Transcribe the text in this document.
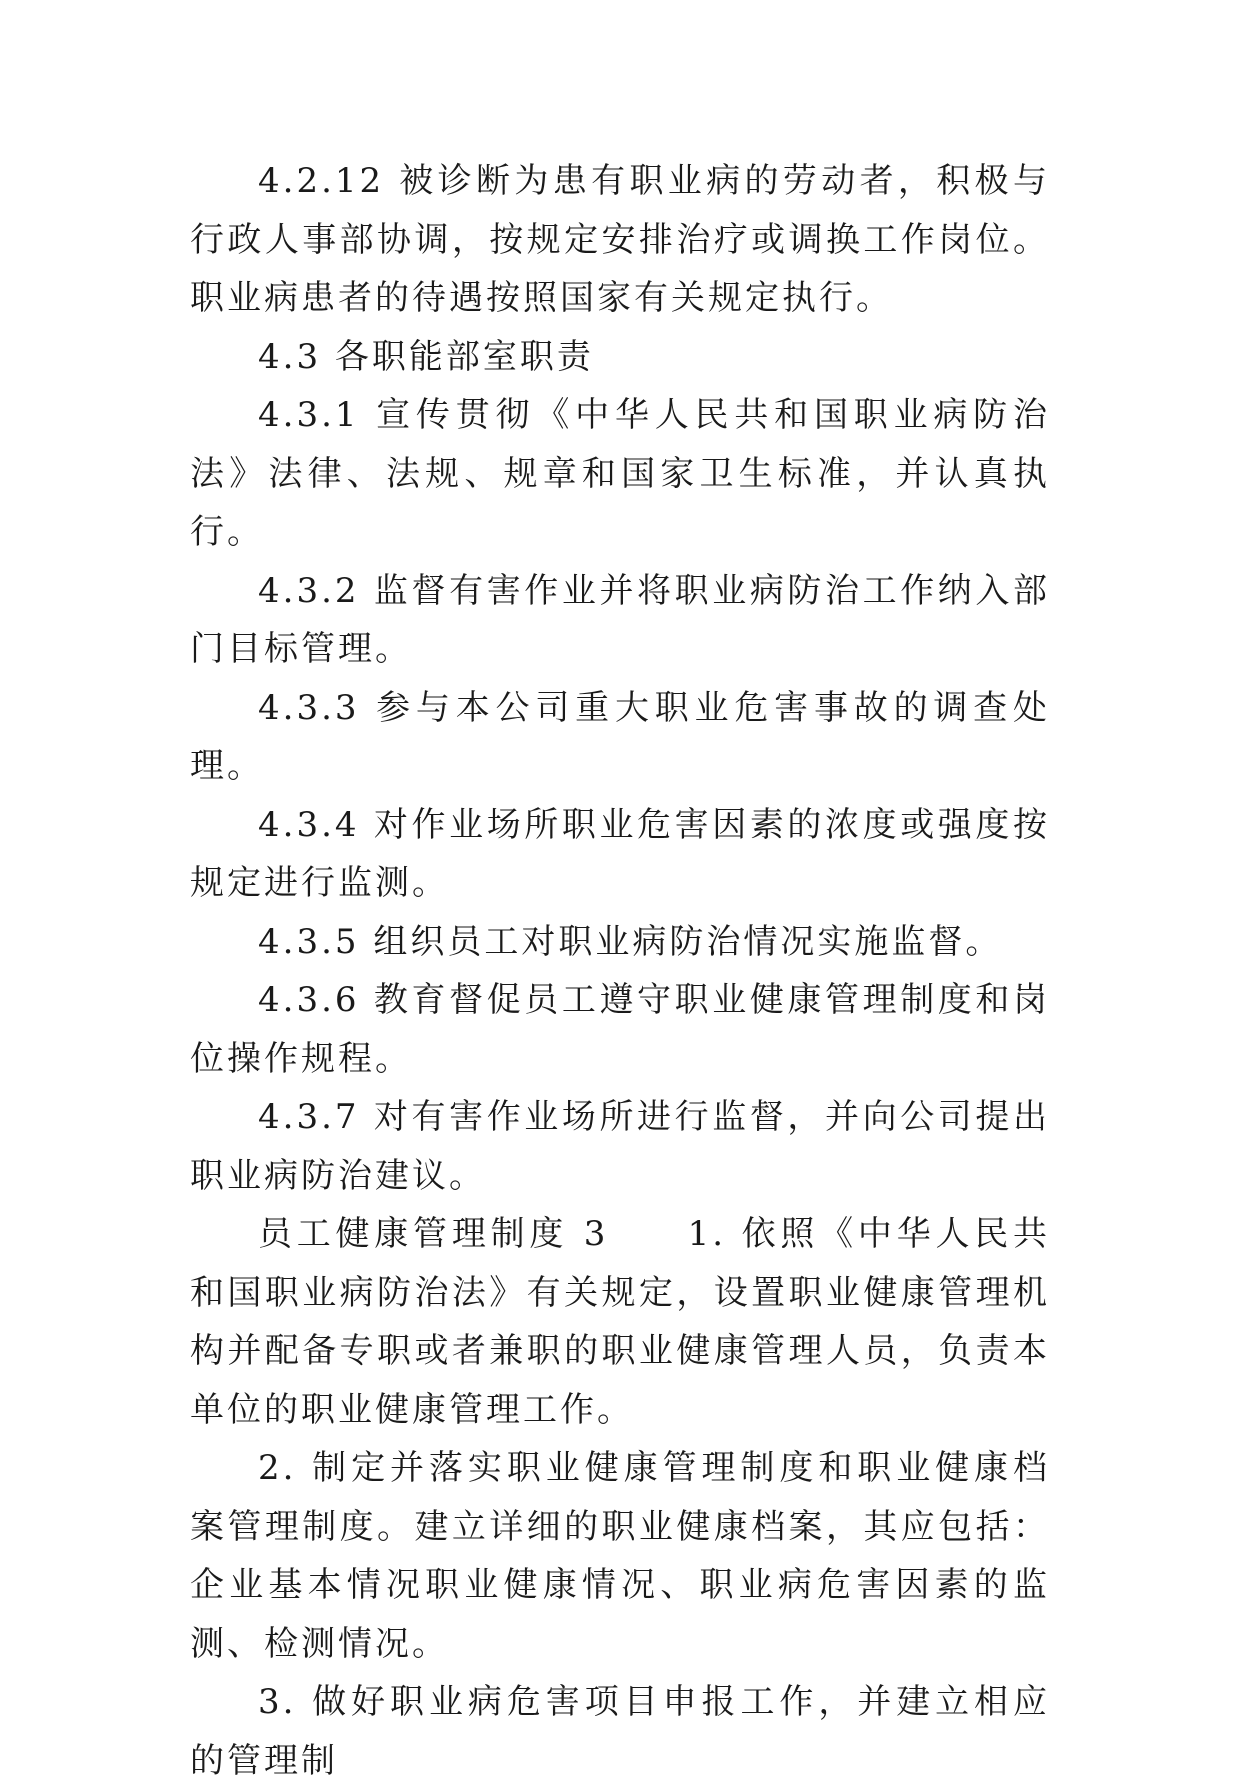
4.2.12 被诊断为患有职业病的劳动者，积极与行政人事部协调，按规定安排治疗或调换工作岗位。职业病患者的待遇按照国家有关规定执行。

4.3 各职能部室职责

4.3.1 宣传贯彻《中华人民共和国职业病防治法》法律、法规、规章和国家卫生标准，并认真执行。

4.3.2 监督有害作业并将职业病防治工作纳入部门目标管理。

4.3.3 参与本公司重大职业危害事故的调查处理。

4.3.4 对作业场所职业危害因素的浓度或强度按规定进行监测。

4.3.5 组织员工对职业病防治情况实施监督。

4.3.6 教育督促员工遵守职业健康管理制度和岗位操作规程。

4.3.7 对有害作业场所进行监督，并向公司提出职业病防治建议。

员工健康管理制度 3　　1. 依照《中华人民共和国职业病防治法》有关规定，设置职业健康管理机构并配备专职或者兼职的职业健康管理人员，负责本单位的职业健康管理工作。

2. 制定并落实职业健康管理制度和职业健康档案管理制度。建立详细的职业健康档案，其应包括：企业基本情况职业健康情况、职业病危害因素的监测、检测情况。

3. 做好职业病危害项目申报工作，并建立相应的管理制
